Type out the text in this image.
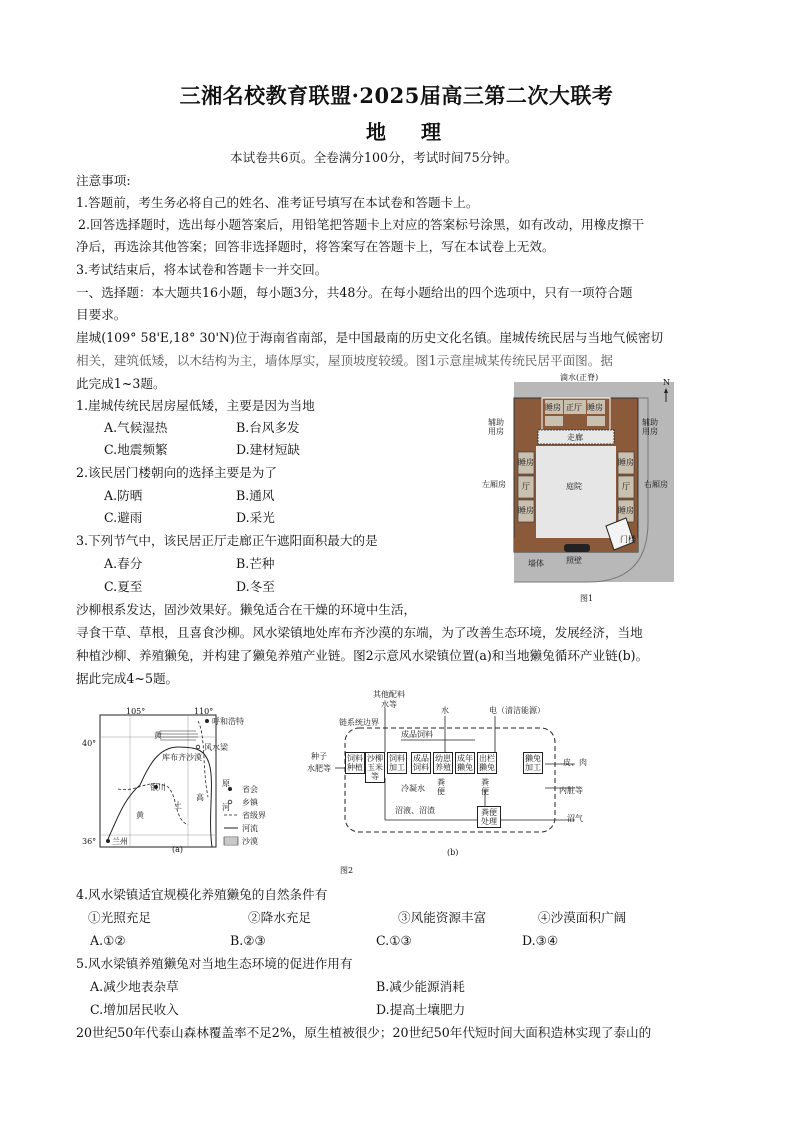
三湘名校教育联盟·2025届高三第二次大联考
地 理
本试卷共6页。全卷满分100分，考试时间75分钟。
注意事项:
1.答题前，考生务必将自己的姓名、准考证号填写在本试卷和答题卡上。
2.回答选择题时，选出每小题答案后，用铅笔把答题卡上对应的答案标号涂黑，如有改动，用橡皮擦干
净后，再选涂其他答案；回答非选择题时，将答案写在答题卡上，写在本试卷上无效。
3.考试结束后，将本试卷和答题卡一并交回。
一、选择题：本大题共16小题，每小题3分，共48分。在每小题给出的四个选项中，只有一项符合题
目要求。
崖城(109° 58'E,18° 30'N)位于海南省南部，是中国最南的历史文化名镇。崖城传统民居与当地气候密切
相关，建筑低矮，以木结构为主，墙体厚实，屋顶坡度较缓。图1示意崖城某传统民居平面图。据
此完成1~3题。
1.崖城传统民居房屋低矮，主要是因为当地
A.气候湿热	B.台风多发
C.地震频繁	D.建材短缺
2.该民居门楼朝向的选择主要是为了
A.防晒	B.通风
C.避雨	D.采光
3.下列节气中，该民居正厅走廊正午遮阳面积最大的是
A.春分	B.芒种
C.夏至	D.冬至
N
滴水(正脊)
辅助
用房
辅助
用房
睡房 正厅 睡房
走廊
睡房
厅
睡房
睡房
厅
睡房
庭院
左厢房	右厢房
门楼
墙体	照壁
图1
沙柳根系发达，固沙效果好。獭兔适合在干燥的环境中生活，
寻食干草、草根，且喜食沙柳。风水梁镇地处库布齐沙漠的东端，为了改善生态环境，发展经济，当地
种植沙柳、养殖獭兔，并构建了獭兔养殖产业链。图2示意风水梁镇位置(a)和当地獭兔循环产业链(b)。
据此完成4~5题。
105°	110°
40°
36°
呼和浩特
黄
风水梁
库布齐沙漠
银川
土
高
原
黄
河
兰州
省会
乡镇
省级界
河流
沙漠
(a)
其他配料
水等
水	电（清洁能源）
链系统边界
成品饲料
种子
水肥等
饲料
种植
沙柳
玉米
等
饲料
加工
成品
饲料
幼崽
养殖
成年
獭兔
出栏
獭兔
獭兔
加工
粪便
粪便
冷凝水
沼液、沼渣	粪便
处理
皮、肉
内脏等
沼气
(b)
图2
4.风水梁镇适宜规模化养殖獭兔的自然条件有
①光照充足	②降水充足	③风能资源丰富	④沙漠面积广阔
A.①②	B.②③	C.①③	D.③④
5.风水梁镇养殖獭兔对当地生态环境的促进作用有
A.减少地表杂草	B.减少能源消耗
C.增加居民收入	D.提高土壤肥力
20世纪50年代泰山森林覆盖率不足2%，原生植被很少；20世纪50年代短时间大面积造林实现了泰山的
